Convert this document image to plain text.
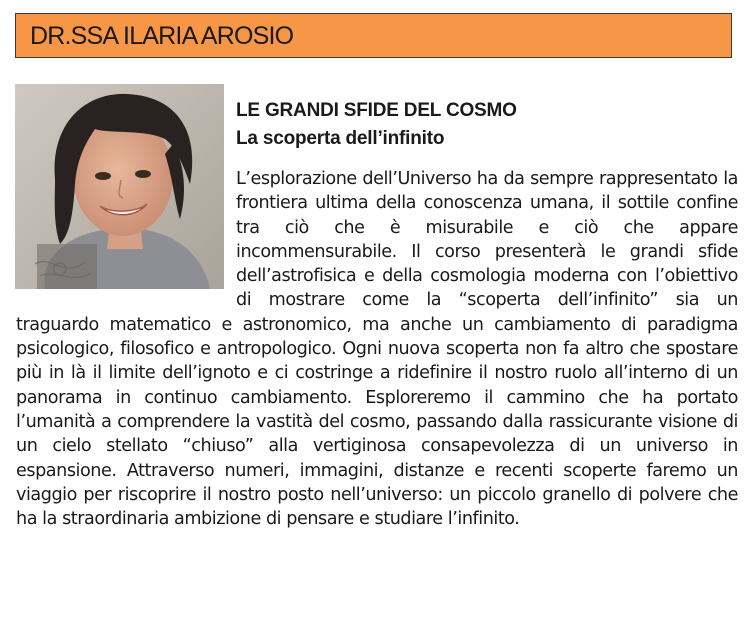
DR.SSA ILARIA AROSIO
LE GRANDI SFIDE DEL COSMO
La scoperta dell’infinito

L’esplorazione dell’Universo ha da sempre rappresentato la frontiera ultima della conoscenza umana, il sottile confine tra ciò che è misurabile e ciò che appare incommensurabile. Il corso presenterà le grandi sfide dell’astrofisica e della cosmologia moderna con l’obiettivo di mostrare come la “scoperta dell’infinito” sia un traguardo matematico e astronomico, ma anche un cambiamento di paradigma psicologico, filosofico e antropologico. Ogni nuova scoperta non fa altro che spostare più in là il limite dell’ignoto e ci costringe a ridefinire il nostro ruolo all’interno di un panorama in continuo cambiamento. Esploreremo il cammino che ha portato l’umanità a comprendere la vastità del cosmo, passando dalla rassicurante visione di un cielo stellato “chiuso” alla vertiginosa consapevolezza di un universo in espansione. Attraverso numeri, immagini, distanze e recenti scoperte faremo un viaggio per riscoprire il nostro posto nell’universo: un piccolo granello di polvere che ha la straordinaria ambizione di pensare e studiare l’infinito.
